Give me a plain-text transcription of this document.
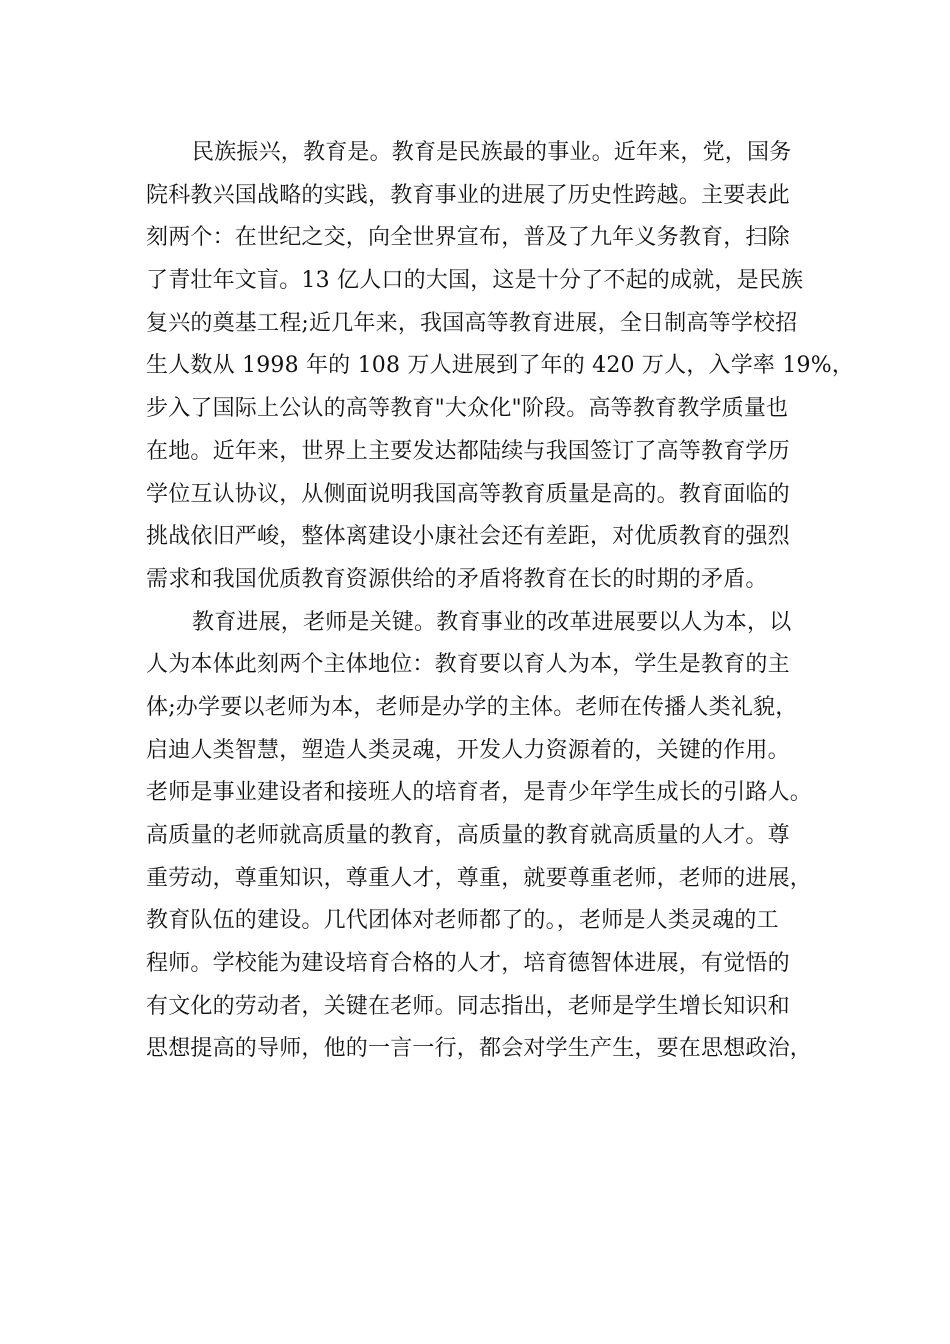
民族振兴，教育是。教育是民族最的事业。近年来，党，国务
院科教兴国战略的实践，教育事业的进展了历史性跨越。主要表此
刻两个：在世纪之交，向全世界宣布，普及了九年义务教育，扫除
了青壮年文盲。13 亿人口的大国，这是十分了不起的成就，是民族
复兴的奠基工程;近几年来，我国高等教育进展，全日制高等学校招
生人数从 1998 年的 108 万人进展到了年的 420 万人，入学率 19%，
步入了国际上公认的高等教育"大众化"阶段。高等教育教学质量也
在地。近年来，世界上主要发达都陆续与我国签订了高等教育学历
学位互认协议，从侧面说明我国高等教育质量是高的。教育面临的
挑战依旧严峻，整体离建设小康社会还有差距，对优质教育的强烈
需求和我国优质教育资源供给的矛盾将教育在长的时期的矛盾。
教育进展，老师是关键。教育事业的改革进展要以人为本，以
人为本体此刻两个主体地位：教育要以育人为本，学生是教育的主
体;办学要以老师为本，老师是办学的主体。老师在传播人类礼貌，
启迪人类智慧，塑造人类灵魂，开发人力资源着的，关键的作用。
老师是事业建设者和接班人的培育者，是青少年学生成长的引路人。
高质量的老师就高质量的教育，高质量的教育就高质量的人才。尊
重劳动，尊重知识，尊重人才，尊重，就要尊重老师，老师的进展，
教育队伍的建设。几代团体对老师都了的。，老师是人类灵魂的工
程师。学校能为建设培育合格的人才，培育德智体进展，有觉悟的
有文化的劳动者，关键在老师。同志指出，老师是学生增长知识和
思想提高的导师，他的一言一行，都会对学生产生，要在思想政治，
